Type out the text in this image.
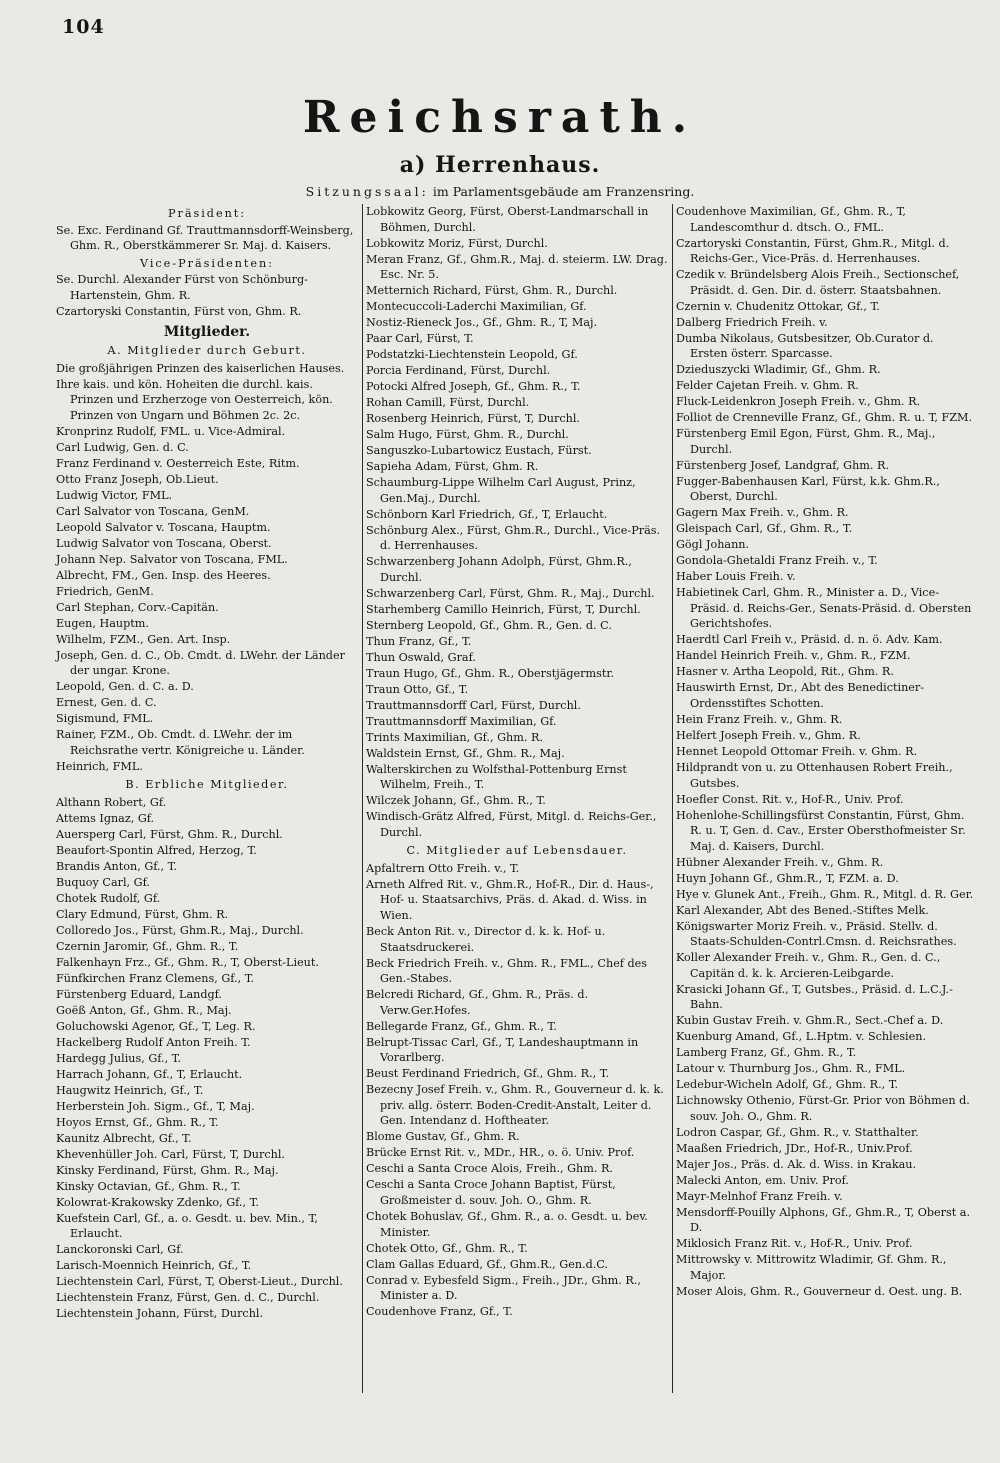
104
Reichsrath.
a) Herrenhaus.
Sitzungssaal: im Parlamentsgebäude am Franzensring.
Präsident:
Se. Exc. Ferdinand Gf. Trauttmannsdorff-Weinsberg, Ghm. R., Oberstkämmerer Sr. Maj. d. Kaisers.
Vice-Präsidenten:
Se. Durchl. Alexander Fürst von Schönburg-Hartenstein, Ghm. R.
Czartoryski Constantin, Fürst von, Ghm. R.
Mitglieder.
A. Mitglieder durch Geburt.
Die großjährigen Prinzen des kaiserlichen Hauses.
Ihre kais. und kön. Hoheiten die durchl. kais. Prinzen und Erzherzoge von Oesterreich, kön. Prinzen von Ungarn und Böhmen 2c. 2c.
Kronprinz Rudolf, FML. u. Vice-Admiral.
Carl Ludwig, Gen. d. C.
Franz Ferdinand v. Oesterreich Este, Ritm.
Otto Franz Joseph, Ob.Lieut.
Ludwig Victor, FML.
Carl Salvator von Toscana, GenM.
Leopold Salvator v. Toscana, Hauptm.
Ludwig Salvator von Toscana, Oberst.
Johann Nep. Salvator von Toscana, FML.
Albrecht, FM., Gen. Insp. des Heeres.
Friedrich, GenM.
Carl Stephan, Corv.-Capitän.
Eugen, Hauptm.
Wilhelm, FZM., Gen. Art. Insp.
Joseph, Gen. d. C., Ob. Cmdt. d. LWehr. der Länder der ungar. Krone.
Leopold, Gen. d. C. a. D.
Ernest, Gen. d. C.
Sigismund, FML.
Rainer, FZM., Ob. Cmdt. d. LWehr. der im Reichsrathe vertr. Königreiche u. Länder.
Heinrich, FML.
B. Erbliche Mitglieder.
Althann Robert, Gf.
Attems Ignaz, Gf.
Auersperg Carl, Fürst, Ghm. R., Durchl.
Beaufort-Spontin Alfred, Herzog, T.
Brandis Anton, Gf., T.
Buquoy Carl, Gf.
Chotek Rudolf, Gf.
Clary Edmund, Fürst, Ghm. R.
Colloredo Jos., Fürst, Ghm.R., Maj., Durchl.
Czernin Jaromir, Gf., Ghm. R., T.
Falkenhayn Frz., Gf., Ghm. R., T, Oberst-Lieut.
Fünfkirchen Franz Clemens, Gf., T.
Fürstenberg Eduard, Landgf.
Goëß Anton, Gf., Ghm. R., Maj.
Goluchowski Agenor, Gf., T, Leg. R.
Hackelberg Rudolf Anton Freih. T.
Hardegg Julius, Gf., T.
Harrach Johann, Gf., T, Erlaucht.
Haugwitz Heinrich, Gf., T.
Herberstein Joh. Sigm., Gf., T, Maj.
Hoyos Ernst, Gf., Ghm. R., T.
Kaunitz Albrecht, Gf., T.
Khevenhüller Joh. Carl, Fürst, T, Durchl.
Kinsky Ferdinand, Fürst, Ghm. R., Maj.
Kinsky Octavian, Gf., Ghm. R., T.
Kolowrat-Krakowsky Zdenko, Gf., T.
Kuefstein Carl, Gf., a. o. Gesdt. u. bev. Min., T, Erlaucht.
Lanckoronski Carl, Gf.
Larisch-Moennich Heinrich, Gf., T.
Liechtenstein Carl, Fürst, T, Oberst-Lieut., Durchl.
Liechtenstein Franz, Fürst, Gen. d. C., Durchl.
Liechtenstein Johann, Fürst, Durchl.
Lobkowitz Georg, Fürst, Oberst-Landmarschall in Böhmen, Durchl.
Lobkowitz Moriz, Fürst, Durchl.
Meran Franz, Gf., Ghm.R., Maj. d. steierm. LW. Drag. Esc. Nr. 5.
Metternich Richard, Fürst, Ghm. R., Durchl.
Montecuccoli-Laderchi Maximilian, Gf.
Nostiz-Rieneck Jos., Gf., Ghm. R., T, Maj.
Paar Carl, Fürst, T.
Podstatzki-Liechtenstein Leopold, Gf.
Porcia Ferdinand, Fürst, Durchl.
Potocki Alfred Joseph, Gf., Ghm. R., T.
Rohan Camill, Fürst, Durchl.
Rosenberg Heinrich, Fürst, T, Durchl.
Salm Hugo, Fürst, Ghm. R., Durchl.
Sanguszko-Lubartowicz Eustach, Fürst.
Sapieha Adam, Fürst, Ghm. R.
Schaumburg-Lippe Wilhelm Carl August, Prinz, Gen.Maj., Durchl.
Schönborn Karl Friedrich, Gf., T, Erlaucht.
Schönburg Alex., Fürst, Ghm.R., Durchl., Vice-Präs. d. Herrenhauses.
Schwarzenberg Johann Adolph, Fürst, Ghm.R., Durchl.
Schwarzenberg Carl, Fürst, Ghm. R., Maj., Durchl.
Starhemberg Camillo Heinrich, Fürst, T, Durchl.
Sternberg Leopold, Gf., Ghm. R., Gen. d. C.
Thun Franz, Gf., T.
Thun Oswald, Graf.
Traun Hugo, Gf., Ghm. R., Oberstjägermstr.
Traun Otto, Gf., T.
Trauttmannsdorff Carl, Fürst, Durchl.
Trauttmannsdorff Maximilian, Gf.
Trints Maximilian, Gf., Ghm. R.
Waldstein Ernst, Gf., Ghm. R., Maj.
Walterskirchen zu Wolfsthal-Pottenburg Ernst Wilhelm, Freih., T.
Wilczek Johann, Gf., Ghm. R., T.
Windisch-Grätz Alfred, Fürst, Mitgl. d. Reichs-Ger., Durchl.
C. Mitglieder auf Lebensdauer.
Apfaltrern Otto Freih. v., T.
Arneth Alfred Rit. v., Ghm.R., Hof-R., Dir. d. Haus-, Hof- u. Staatsarchivs, Präs. d. Akad. d. Wiss. in Wien.
Beck Anton Rit. v., Director d. k. k. Hof- u. Staatsdruckerei.
Beck Friedrich Freih. v., Ghm. R., FML., Chef des Gen.-Stabes.
Belcredi Richard, Gf., Ghm. R., Präs. d. Verw.Ger.Hofes.
Bellegarde Franz, Gf., Ghm. R., T.
Belrupt-Tissac Carl, Gf., T, Landeshauptmann in Vorarlberg.
Beust Ferdinand Friedrich, Gf., Ghm. R., T.
Bezecny Josef Freih. v., Ghm. R., Gouverneur d. k. k. priv. allg. österr. Boden-Credit-Anstalt, Leiter d. Gen. Intendanz d. Hoftheater.
Blome Gustav, Gf., Ghm. R.
Brücke Ernst Rit. v., MDr., HR., o. ö. Univ. Prof.
Ceschi a Santa Croce Alois, Freih., Ghm. R.
Ceschi a Santa Croce Johann Baptist, Fürst, Großmeister d. souv. Joh. O., Ghm. R.
Chotek Bohuslav, Gf., Ghm. R., a. o. Gesdt. u. bev. Minister.
Chotek Otto, Gf., Ghm. R., T.
Clam Gallas Eduard, Gf., Ghm.R., Gen.d.C.
Conrad v. Eybesfeld Sigm., Freih., JDr., Ghm. R., Minister a. D.
Coudenhove Franz, Gf., T.
Coudenhove Maximilian, Gf., Ghm. R., T, Landescomthur d. dtsch. O., FML.
Czartoryski Constantin, Fürst, Ghm.R., Mitgl. d. Reichs-Ger., Vice-Präs. d. Herrenhauses.
Czedik v. Bründelsberg Alois Freih., Sectionschef, Präsidt. d. Gen. Dir. d. österr. Staatsbahnen.
Czernin v. Chudenitz Ottokar, Gf., T.
Dalberg Friedrich Freih. v.
Dumba Nikolaus, Gutsbesitzer, Ob.Curator d. Ersten österr. Sparcasse.
Dzieduszycki Wladimir, Gf., Ghm. R.
Felder Cajetan Freih. v. Ghm. R.
Fluck-Leidenkron Joseph Freih. v., Ghm. R.
Folliot de Crenneville Franz, Gf., Ghm. R. u. T, FZM.
Fürstenberg Emil Egon, Fürst, Ghm. R., Maj., Durchl.
Fürstenberg Josef, Landgraf, Ghm. R.
Fugger-Babenhausen Karl, Fürst, k.k. Ghm.R., Oberst, Durchl.
Gagern Max Freih. v., Ghm. R.
Gleispach Carl, Gf., Ghm. R., T.
Gögl Johann.
Gondola-Ghetaldi Franz Freih. v., T.
Haber Louis Freih. v.
Habietinek Carl, Ghm. R., Minister a. D., Vice-Präsid. d. Reichs-Ger., Senats-Präsid. d. Obersten Gerichtshofes.
Haerdtl Carl Freih v., Präsid. d. n. ö. Adv. Kam.
Handel Heinrich Freih. v., Ghm. R., FZM.
Hasner v. Artha Leopold, Rit., Ghm. R.
Hauswirth Ernst, Dr., Abt des Benedictiner-Ordensstiftes Schotten.
Hein Franz Freih. v., Ghm. R.
Helfert Joseph Freih. v., Ghm. R.
Hennet Leopold Ottomar Freih. v. Ghm. R.
Hildprandt von u. zu Ottenhausen Robert Freih., Gutsbes.
Hoefler Const. Rit. v., Hof-R., Univ. Prof.
Hohenlohe-Schillingsfürst Constantin, Fürst, Ghm. R. u. T, Gen. d. Cav., Erster Obersthofmeister Sr. Maj. d. Kaisers, Durchl.
Hübner Alexander Freih. v., Ghm. R.
Huyn Johann Gf., Ghm.R., T, FZM. a. D.
Hye v. Glunek Ant., Freih., Ghm. R., Mitgl. d. R. Ger.
Karl Alexander, Abt des Bened.-Stiftes Melk.
Königswarter Moriz Freih. v., Präsid. Stellv. d. Staats-Schulden-Contrl.Cmsn. d. Reichsrathes.
Koller Alexander Freih. v., Ghm. R., Gen. d. C., Capitän d. k. k. Arcieren-Leibgarde.
Krasicki Johann Gf., T, Gutsbes., Präsid. d. L.C.J.-Bahn.
Kubin Gustav Freih. v. Ghm.R., Sect.-Chef a. D.
Kuenburg Amand, Gf., L.Hptm. v. Schlesien.
Lamberg Franz, Gf., Ghm. R., T.
Latour v. Thurnburg Jos., Ghm. R., FML.
Ledebur-Wicheln Adolf, Gf., Ghm. R., T.
Lichnowsky Othenio, Fürst-Gr. Prior von Böhmen d. souv. Joh. O., Ghm. R.
Lodron Caspar, Gf., Ghm. R., v. Statthalter.
Maaßen Friedrich, JDr., Hof-R., Univ.Prof.
Majer Jos., Präs. d. Ak. d. Wiss. in Krakau.
Malecki Anton, em. Univ. Prof.
Mayr-Melnhof Franz Freih. v.
Mensdorff-Pouilly Alphons, Gf., Ghm.R., T, Oberst a. D.
Miklosich Franz Rit. v., Hof-R., Univ. Prof.
Mittrowsky v. Mittrowitz Wladimir, Gf. Ghm. R., Major.
Moser Alois, Ghm. R., Gouverneur d. Oest. ung. B.
